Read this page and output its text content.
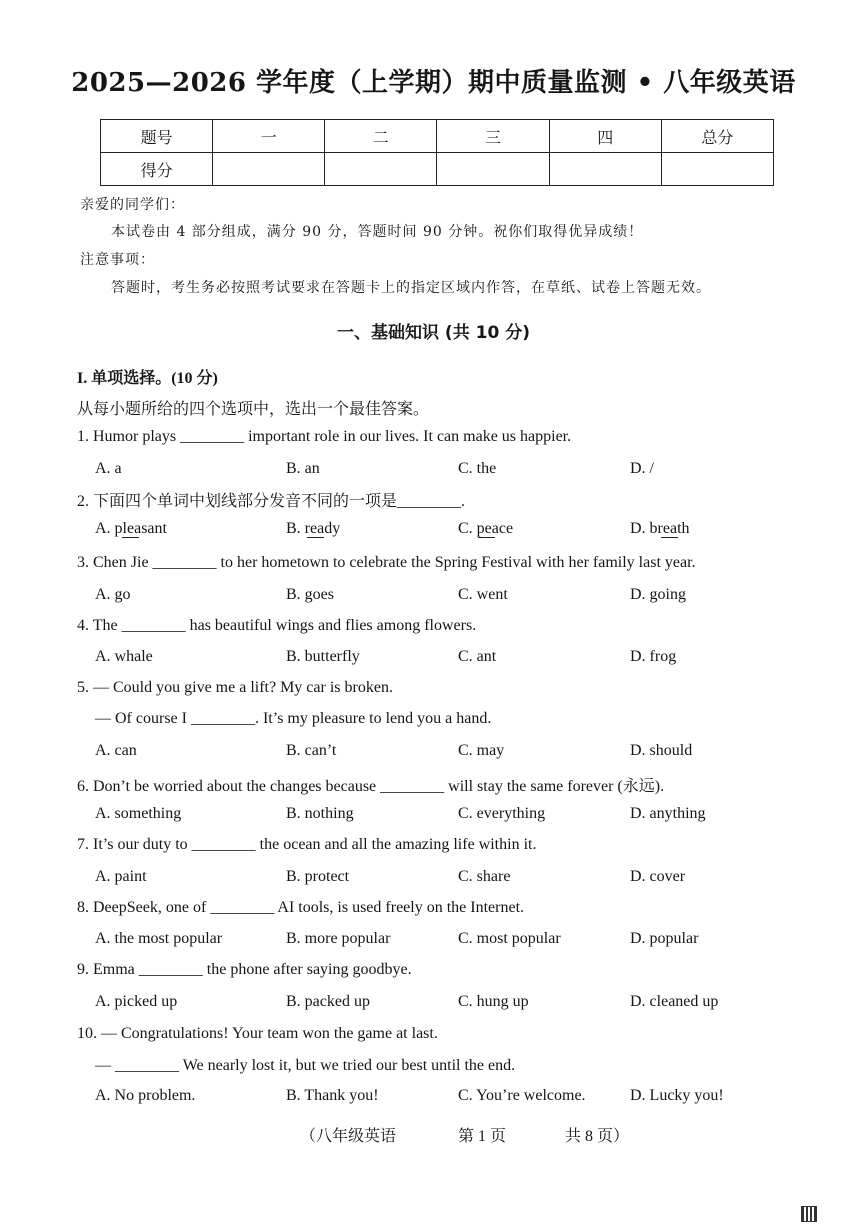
2025—2026 学年度（上学期）期中质量监测 • 八年级英语
题号	一	二	三	四	总分
得分					
亲爱的同学们：
本试卷由 4 部分组成，满分 90 分，答题时间 90 分钟。祝你们取得优异成绩！
注意事项：
答题时，考生务必按照考试要求在答题卡上的指定区域内作答，在草纸、试卷上答题无效。
一、基础知识 (共 10 分)
I. 单项选择。(10 分)
从每小题所给的四个选项中，选出一个最佳答案。
1. Humor plays ________ important role in our lives. It can make us happier.
A. a	B. an	C. the	D. /
2. 下面四个单词中划线部分发音不同的一项是________.
A. pleasant	B. ready	C. peace	D. breath
3. Chen Jie ________ to her hometown to celebrate the Spring Festival with her family last year.
A. go	B. goes	C. went	D. going
4. The ________ has beautiful wings and flies among flowers.
A. whale	B. butterfly	C. ant	D. frog
5. — Could you give me a lift? My car is broken.
— Of course I ________. It’s my pleasure to lend you a hand.
A. can	B. can’t	C. may	D. should
6. Don’t be worried about the changes because ________ will stay the same forever (永远).
A. something	B. nothing	C. everything	D. anything
7. It’s our duty to ________ the ocean and all the amazing life within it.
A. paint	B. protect	C. share	D. cover
8. DeepSeek, one of ________ AI tools, is used freely on the Internet.
A. the most popular	B. more popular	C. most popular	D. popular
9. Emma ________ the phone after saying goodbye.
A. picked up	B. packed up	C. hung up	D. cleaned up
10. — Congratulations! Your team won the game at last.
— ________ We nearly lost it, but we tried our best until the end.
A. No problem.	B. Thank you!	C. You’re welcome.	D. Lucky you!
（八年级英语	第 1 页	共 8 页）
